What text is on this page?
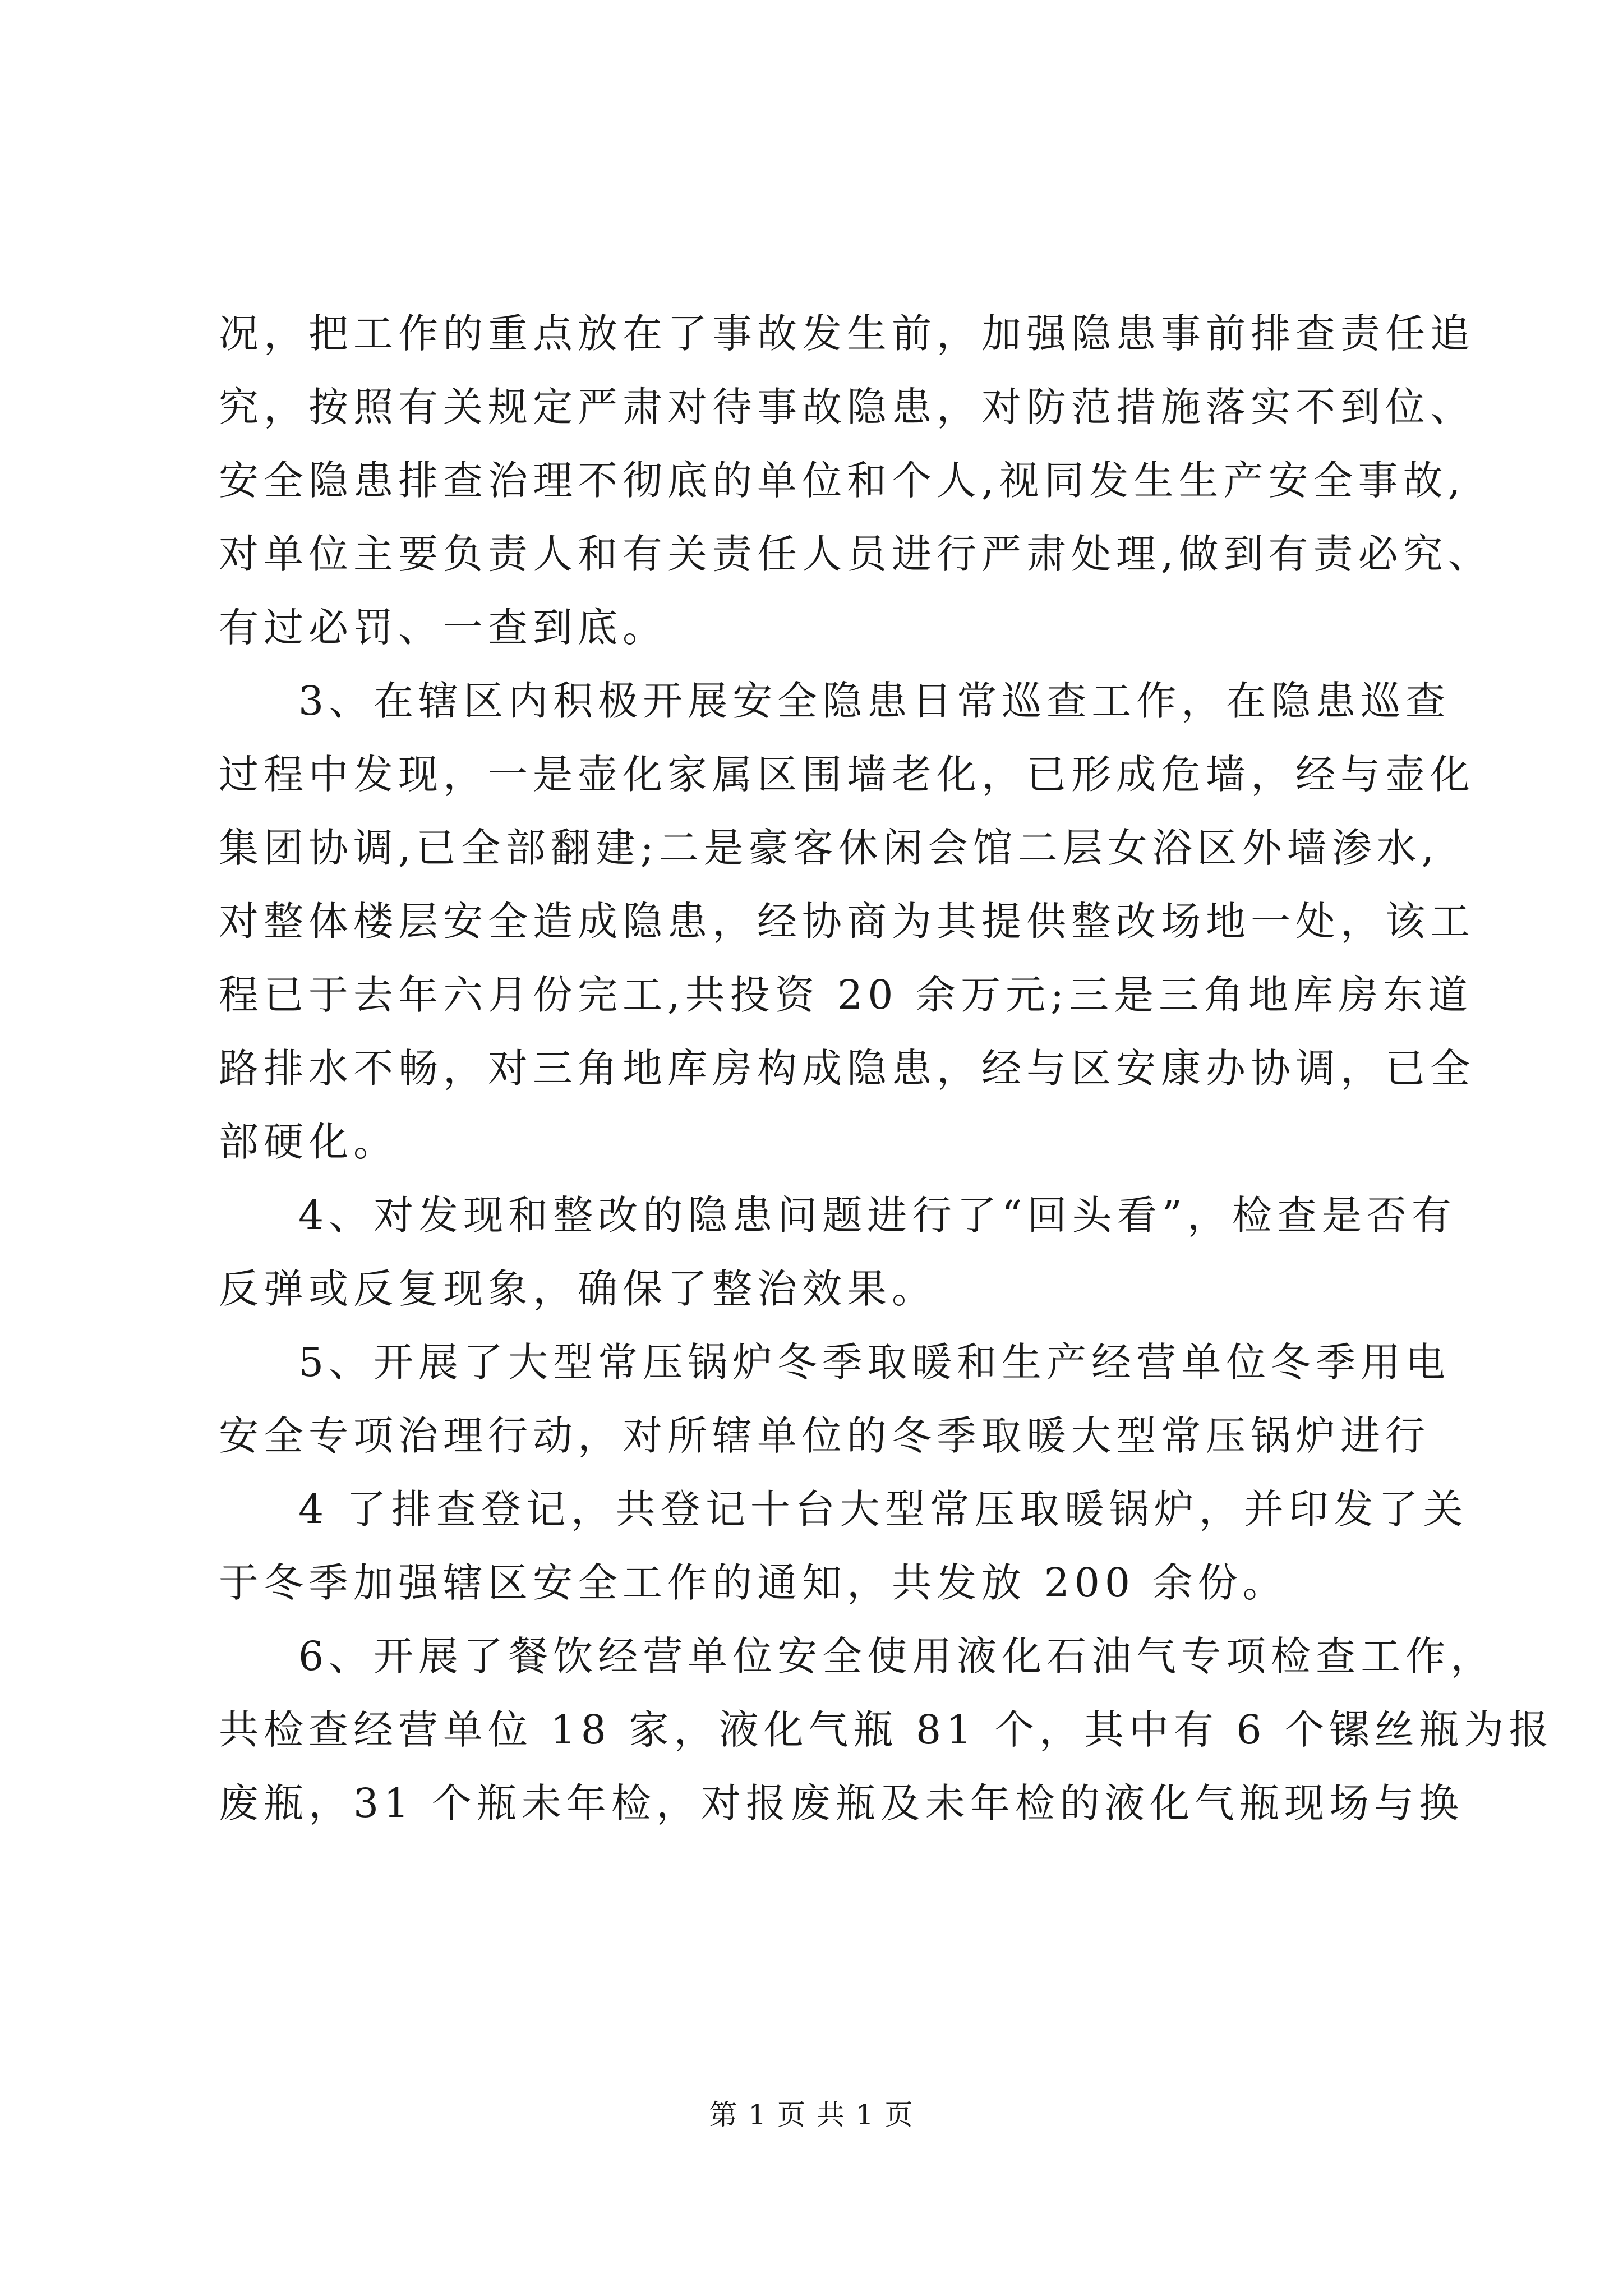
况，把工作的重点放在了事故发生前，加强隐患事前排查责任追
究，按照有关规定严肃对待事故隐患，对防范措施落实不到位、
安全隐患排查治理不彻底的单位和个人,视同发生生产安全事故,
对单位主要负责人和有关责任人员进行严肃处理,做到有责必究、
有过必罚、一查到底。
3、在辖区内积极开展安全隐患日常巡查工作，在隐患巡查
过程中发现，一是壶化家属区围墙老化，已形成危墙，经与壶化
集团协调,已全部翻建;二是豪客休闲会馆二层女浴区外墙渗水,
对整体楼层安全造成隐患，经协商为其提供整改场地一处，该工
程已于去年六月份完工,共投资 20 余万元;三是三角地库房东道
路排水不畅，对三角地库房构成隐患，经与区安康办协调，已全
部硬化。
4、对发现和整改的隐患问题进行了“回头看”，检查是否有
反弹或反复现象，确保了整治效果。
5、开展了大型常压锅炉冬季取暖和生产经营单位冬季用电
安全专项治理行动，对所辖单位的冬季取暖大型常压锅炉进行
4 了排查登记，共登记十台大型常压取暖锅炉，并印发了关
于冬季加强辖区安全工作的通知，共发放 200 余份。
6、开展了餐饮经营单位安全使用液化石油气专项检查工作，
共检查经营单位 18 家，液化气瓶 81 个，其中有 6 个镙丝瓶为报
废瓶，31 个瓶未年检，对报废瓶及未年检的液化气瓶现场与换
第 1 页 共 1 页
